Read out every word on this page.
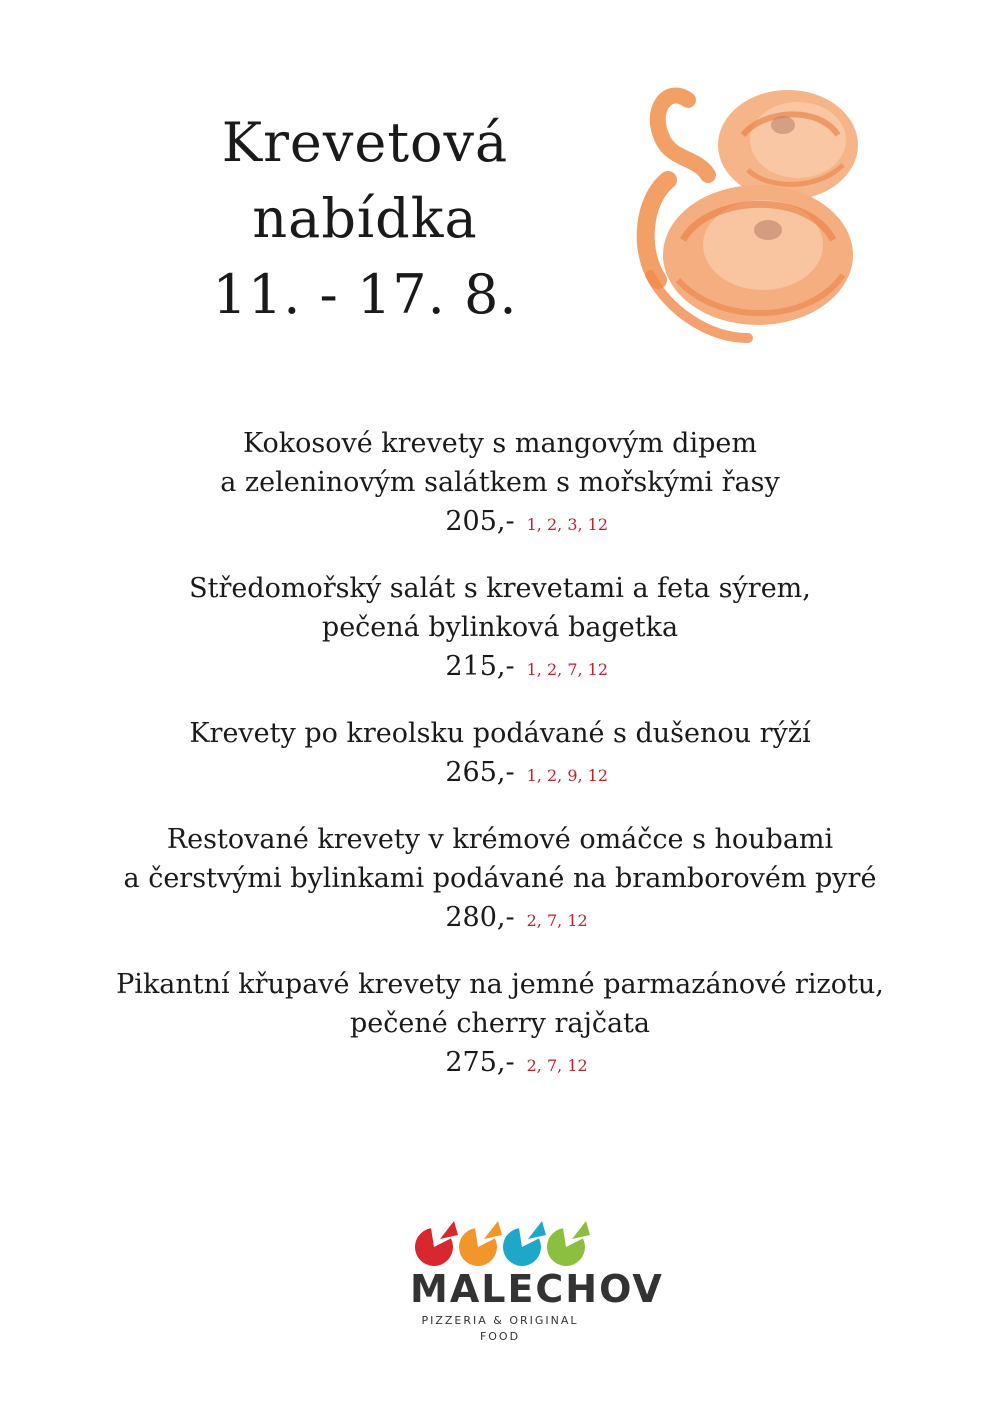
Krevetová
nabídka
11. - 17. 8.
Kokosové krevety s mangovým dipem
a zeleninovým salátkem s mořskými řasy
205,- 1, 2, 3, 12
Středomořský salát s krevetami a feta sýrem,
pečená bylinková bagetka
215,- 1, 2, 7, 12
Krevety po kreolsku podávané s dušenou rýží
265,- 1, 2, 9, 12
Restované krevety v krémové omáčce s houbami
a čerstvými bylinkami podávané na bramborovém pyré
280,- 2, 7, 12
Pikantní křupavé krevety na jemné parmazánové rizotu,
pečené cherry rajčata
275,- 2, 7, 12
MALECHOV
PIZZERIA & ORIGINAL FOOD
